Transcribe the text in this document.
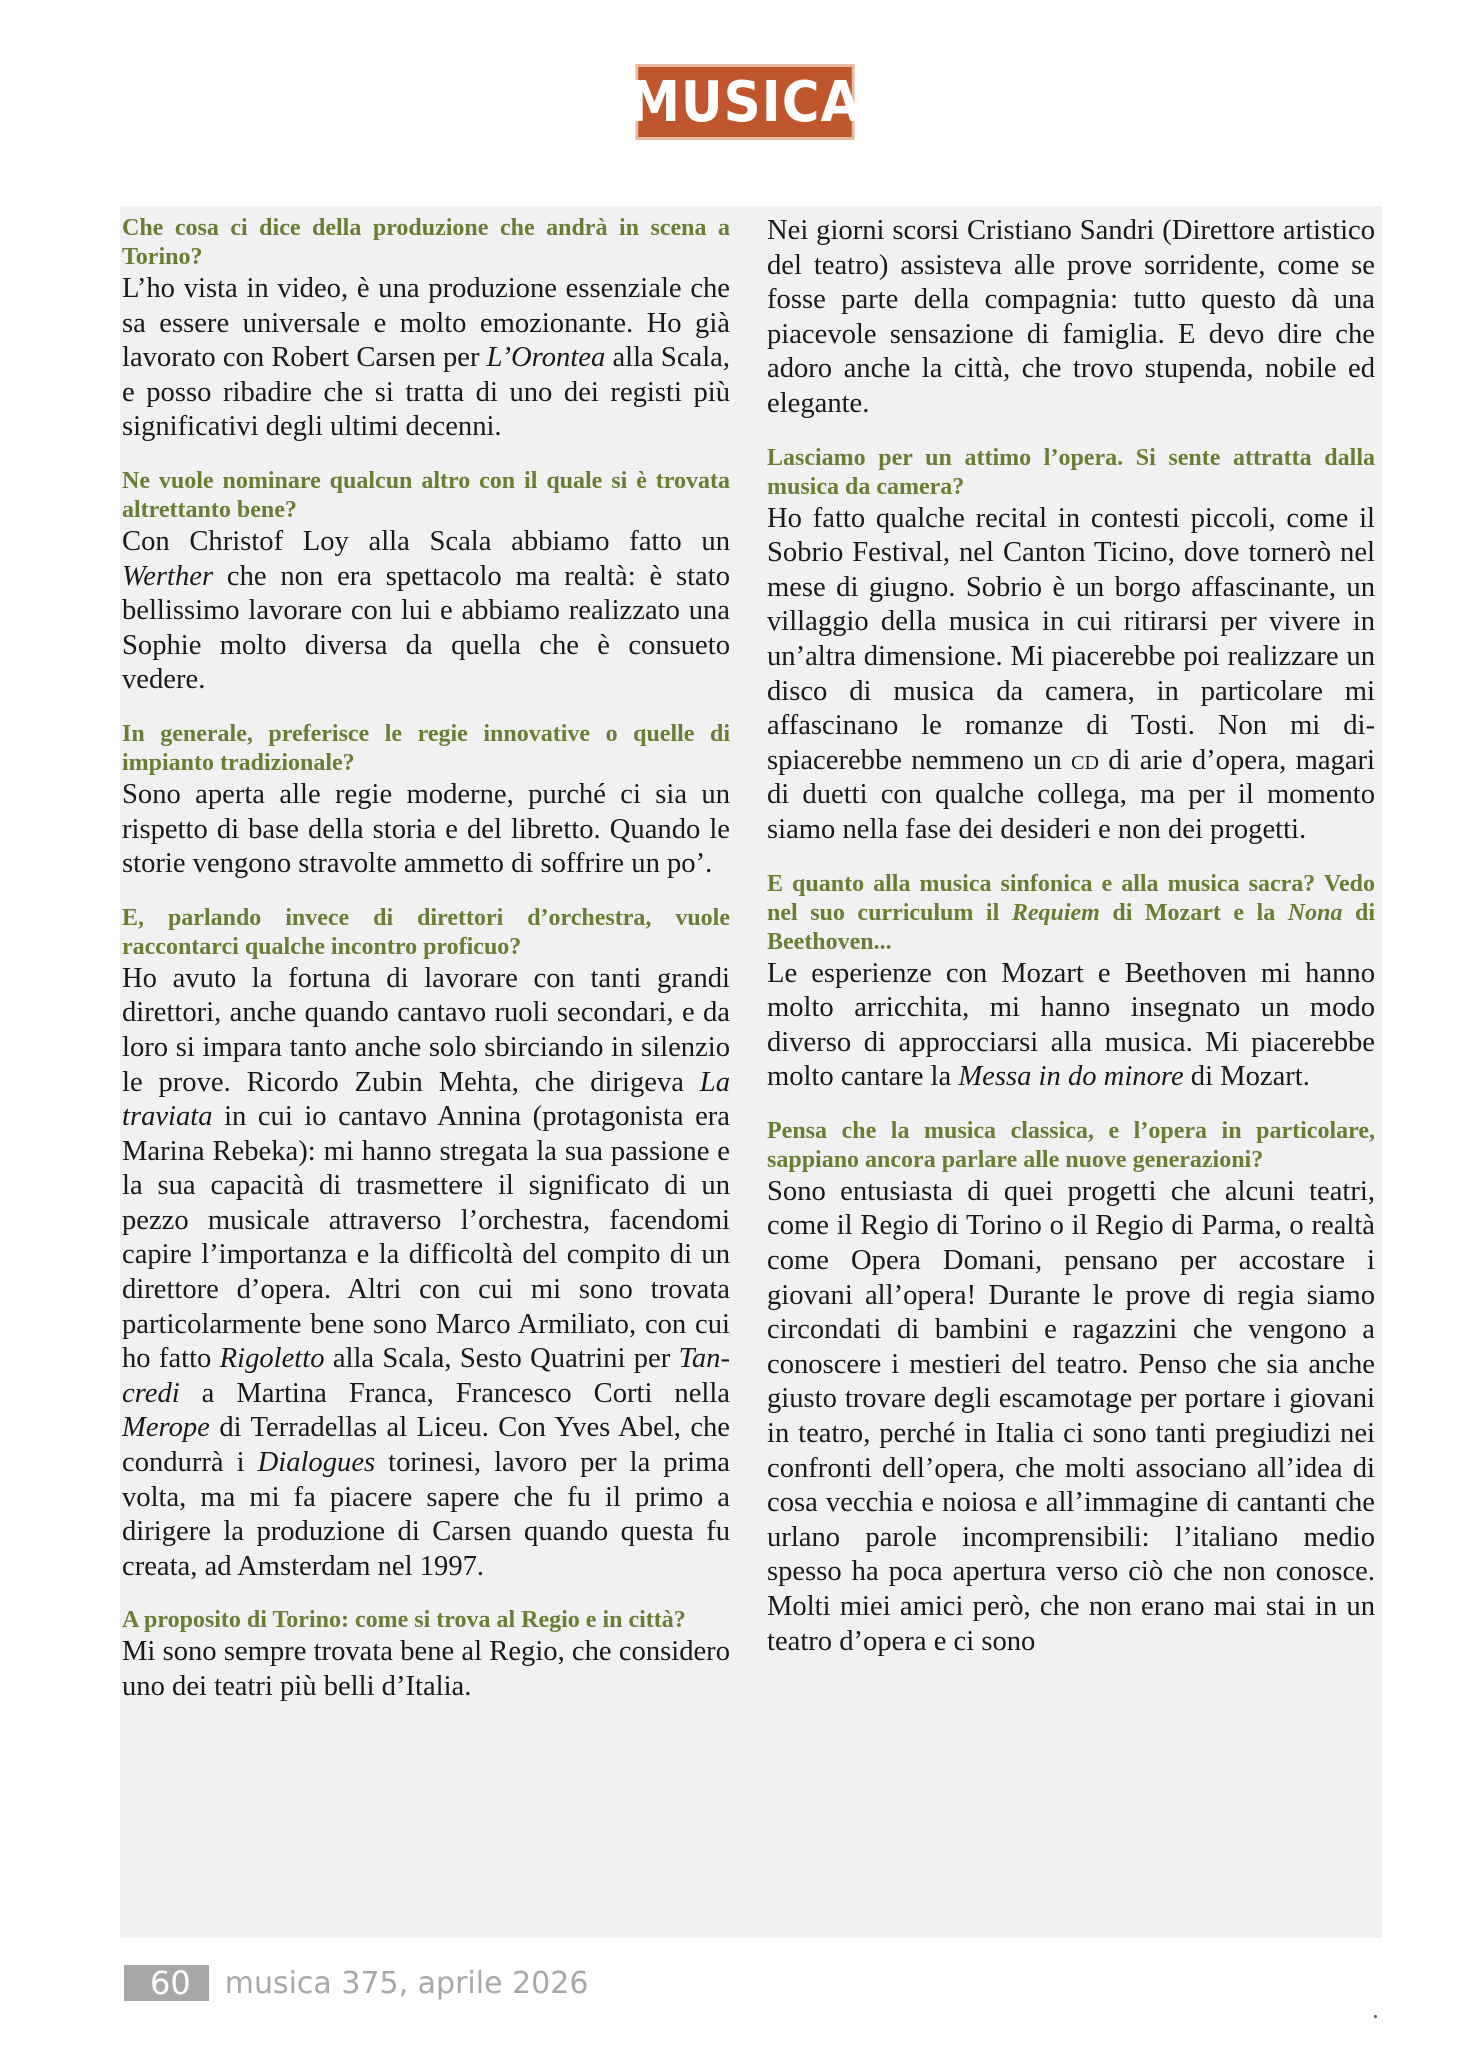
MUSICA

Che cosa ci dice della produzione che andrà in scena a Torino?

L’ho vista in video, è una produzione essenziale che sa essere universale e molto emozionante. Ho già lavorato con Robert Carsen per L’Orontea alla Scala, e posso ribadire che si tratta di uno dei registi più significativi degli ultimi decenni.

Ne vuole nominare qualcun altro con il quale si è trovata altrettanto bene?

Con Christof Loy alla Scala abbiamo fatto un Werther che non era spettacolo ma realtà: è stato bellissimo lavorare con lui e abbiamo realizzato una Sophie molto diversa da quella che è consueto vedere.

In generale, preferisce le regie innovative o quelle di impianto tradizionale?

Sono aperta alle regie moderne, purché ci sia un rispetto di base della storia e del libretto. Quando le storie vengono stravolte ammetto di soffrire un po’.

E, parlando invece di direttori d’orchestra, vuole raccontarci qualche incontro proficuo?

Ho avuto la fortuna di lavorare con tanti grandi direttori, anche quando cantavo ruoli secondari, e da loro si impara tanto anche solo sbirciando in silenzio le prove. Ricordo Zubin Mehta, che dirigeva La traviata in cui io cantavo Annina (protagonista era Marina Rebeka): mi hanno stregata la sua passione e la sua capacità di trasmettere il significato di un pezzo musicale attraverso l’orchestra, facendomi capire l’importanza e la difficoltà del compito di un direttore d’opera. Altri con cui mi sono trovata particolarmente bene sono Marco Armiliato, con cui ho fatto Rigoletto alla Scala, Sesto Quatrini per Tancredi a Martina Franca, Francesco Corti nella Merope di Terradellas al Liceu. Con Yves Abel, che condurrà i Dialogues torinesi, lavoro per la prima volta, ma mi fa piacere sapere che fu il primo a dirigere la produzione di Carsen quando questa fu creata, ad Amsterdam nel 1997.

A proposito di Torino: come si trova al Regio e in città?

Mi sono sempre trovata bene al Regio, che considero uno dei teatri più belli d’Italia.

Nei giorni scorsi Cristiano Sandri (Direttore artistico del teatro) assisteva alle prove sorridente, come se fosse parte della compagnia: tutto questo dà una piacevole sensazione di famiglia. E devo dire che adoro anche la città, che trovo stupenda, nobile ed elegante.

Lasciamo per un attimo l’opera. Si sente attratta dalla musica da camera?

Ho fatto qualche recital in contesti piccoli, come il Sobrio Festival, nel Canton Ticino, dove tornerò nel mese di giugno. Sobrio è un borgo affascinante, un villaggio della musica in cui ritirarsi per vivere in un’altra dimensione. Mi piacerebbe poi realizzare un disco di musica da camera, in particolare mi affascinano le romanze di Tosti. Non mi dispiacerebbe nemmeno un cd di arie d’opera, magari di duetti con qualche collega, ma per il momento siamo nella fase dei desideri e non dei progetti.

E quanto alla musica sinfonica e alla musica sacra? Vedo nel suo curriculum il Requiem di Mozart e la Nona di Beethoven...

Le esperienze con Mozart e Beethoven mi hanno molto arricchita, mi hanno insegnato un modo diverso di approcciarsi alla musica. Mi piacerebbe molto cantare la Messa in do minore di Mozart.

Pensa che la musica classica, e l’opera in particolare, sappiano ancora parlare alle nuove generazioni?

Sono entusiasta di quei progetti che alcuni teatri, come il Regio di Torino o il Regio di Parma, o realtà come Opera Domani, pensano per accostare i giovani all’opera! Durante le prove di regia siamo circondati di bambini e ragazzini che vengono a conoscere i mestieri del teatro. Penso che sia anche giusto trovare degli escamotage per portare i giovani in teatro, perché in Italia ci sono tanti pregiudizi nei confronti dell’opera, che molti associano all’idea di cosa vecchia e noiosa e all’immagine di cantanti che urlano parole incomprensibili: l’italiano medio spesso ha poca apertura verso ciò che non conosce. Molti miei amici però, che non erano mai stai in un teatro d’opera e ci sono

60	musica 375, aprile 2026
